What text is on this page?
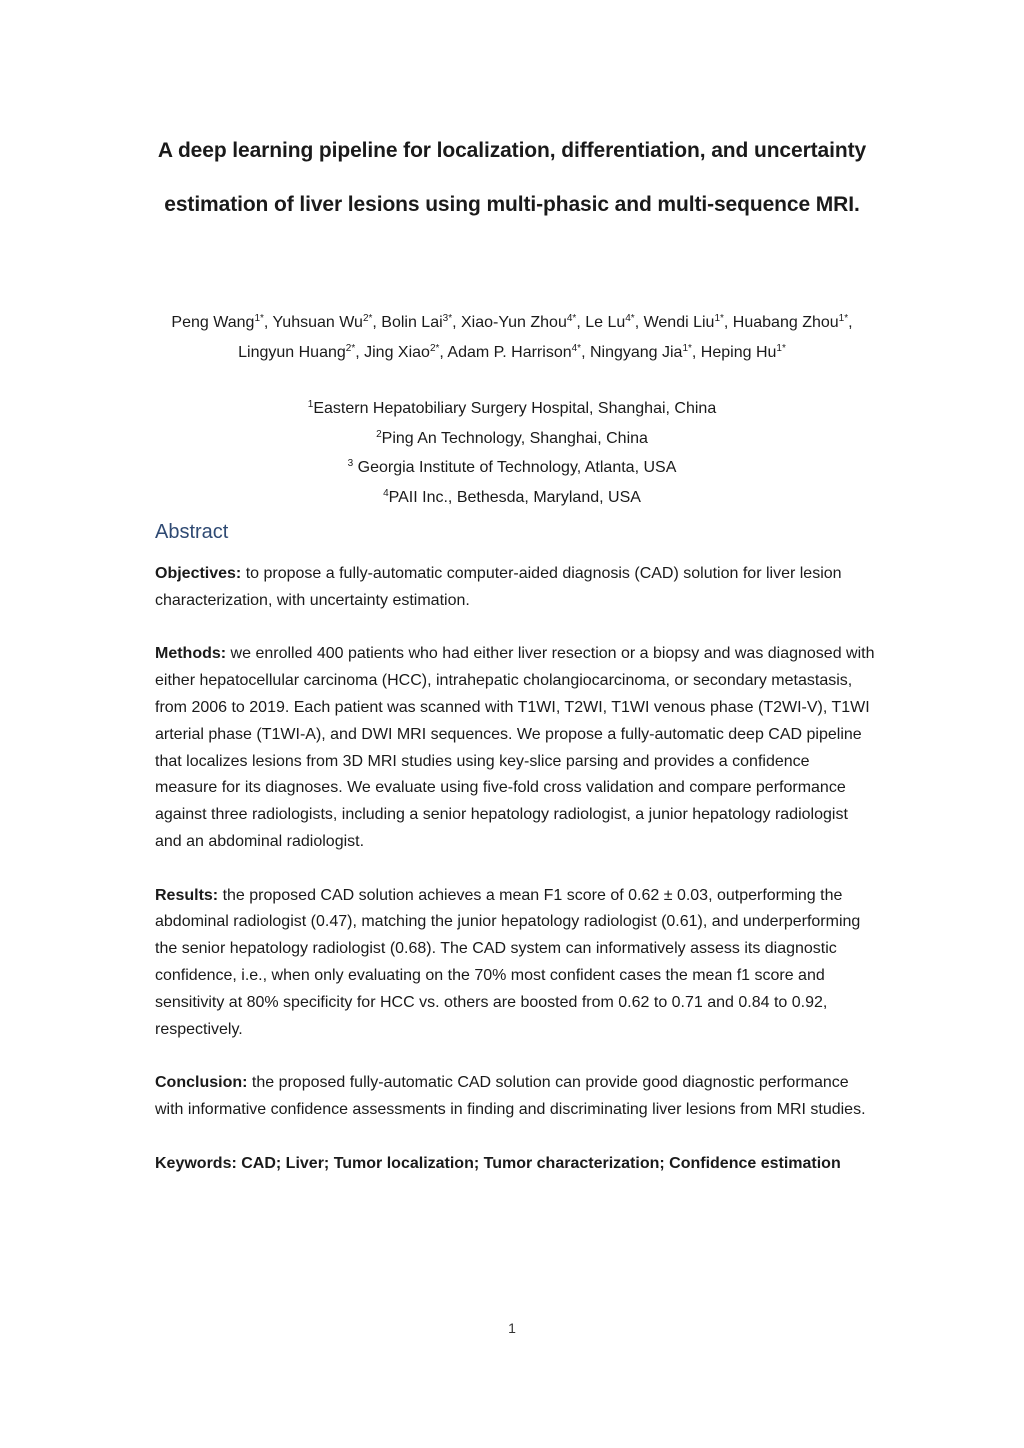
A deep learning pipeline for localization, differentiation, and uncertainty estimation of liver lesions using multi-phasic and multi-sequence MRI.
Peng Wang$^{1*}$, Yuhsuan $Wu^{2*}$, Bolin Lai$^{3*}$, Xiao-Yun Zhou$^{4*}$, Le $Lu^{4*}$, Wendi Liu$^{1*}$, Huabang Zhou$^{1*}$, Lingyun Huang$^{2*}$, Jing Xiao$^{2*}$, Adam P. Harrison$^{4*}$, Ningyang Jia$^{1*}$, Heping $Hu^{1*}$
$^1$Eastern Hepatobiliary Surgery Hospital, Shanghai, China
$^2$Ping An Technology, Shanghai, China
$^3$ Georgia Institute of Technology, Atlanta, USA
$^4$PAII Inc., Bethesda, Maryland, USA
Abstract

Objectives: to propose a fully-automatic computer-aided diagnosis (CAD) solution for liver lesion characterization, with uncertainty estimation.

Methods: we enrolled 400 patients who had either liver resection or a biopsy and was diagnosed with either hepatocellular carcinoma (HCC), intrahepatic cholangiocarcinoma, or secondary metastasis, from 2006 to 2019. Each patient was scanned with T1WI, T2WI, T1WI venous phase (T2WI-V), T1WI arterial phase (T1WI-A), and DWI MRI sequences. We propose a fully-automatic deep CAD pipeline that localizes lesions from 3D MRI studies using key-slice parsing and provides a confidence measure for its diagnoses. We evaluate using five-fold cross validation and compare performance against three radiologists, including a senior hepatology radiologist, a junior hepatology radiologist and an abdominal radiologist.

Results: the proposed CAD solution achieves a mean F1 score of 0.62 ± 0.03, outperforming the abdominal radiologist (0.47), matching the junior hepatology radiologist (0.61), and underperforming the senior hepatology radiologist (0.68). The CAD system can informatively assess its diagnostic confidence, i.e., when only evaluating on the 70% most confident cases the mean f1 score and sensitivity at 80% specificity for HCC vs. others are boosted from 0.62 to 0.71 and 0.84 to 0.92, respectively.

Conclusion: the proposed fully-automatic CAD solution can provide good diagnostic performance with informative confidence assessments in finding and discriminating liver lesions from MRI studies.

Keywords: CAD; Liver; Tumor localization; Tumor characterization; Confidence estimation

1
